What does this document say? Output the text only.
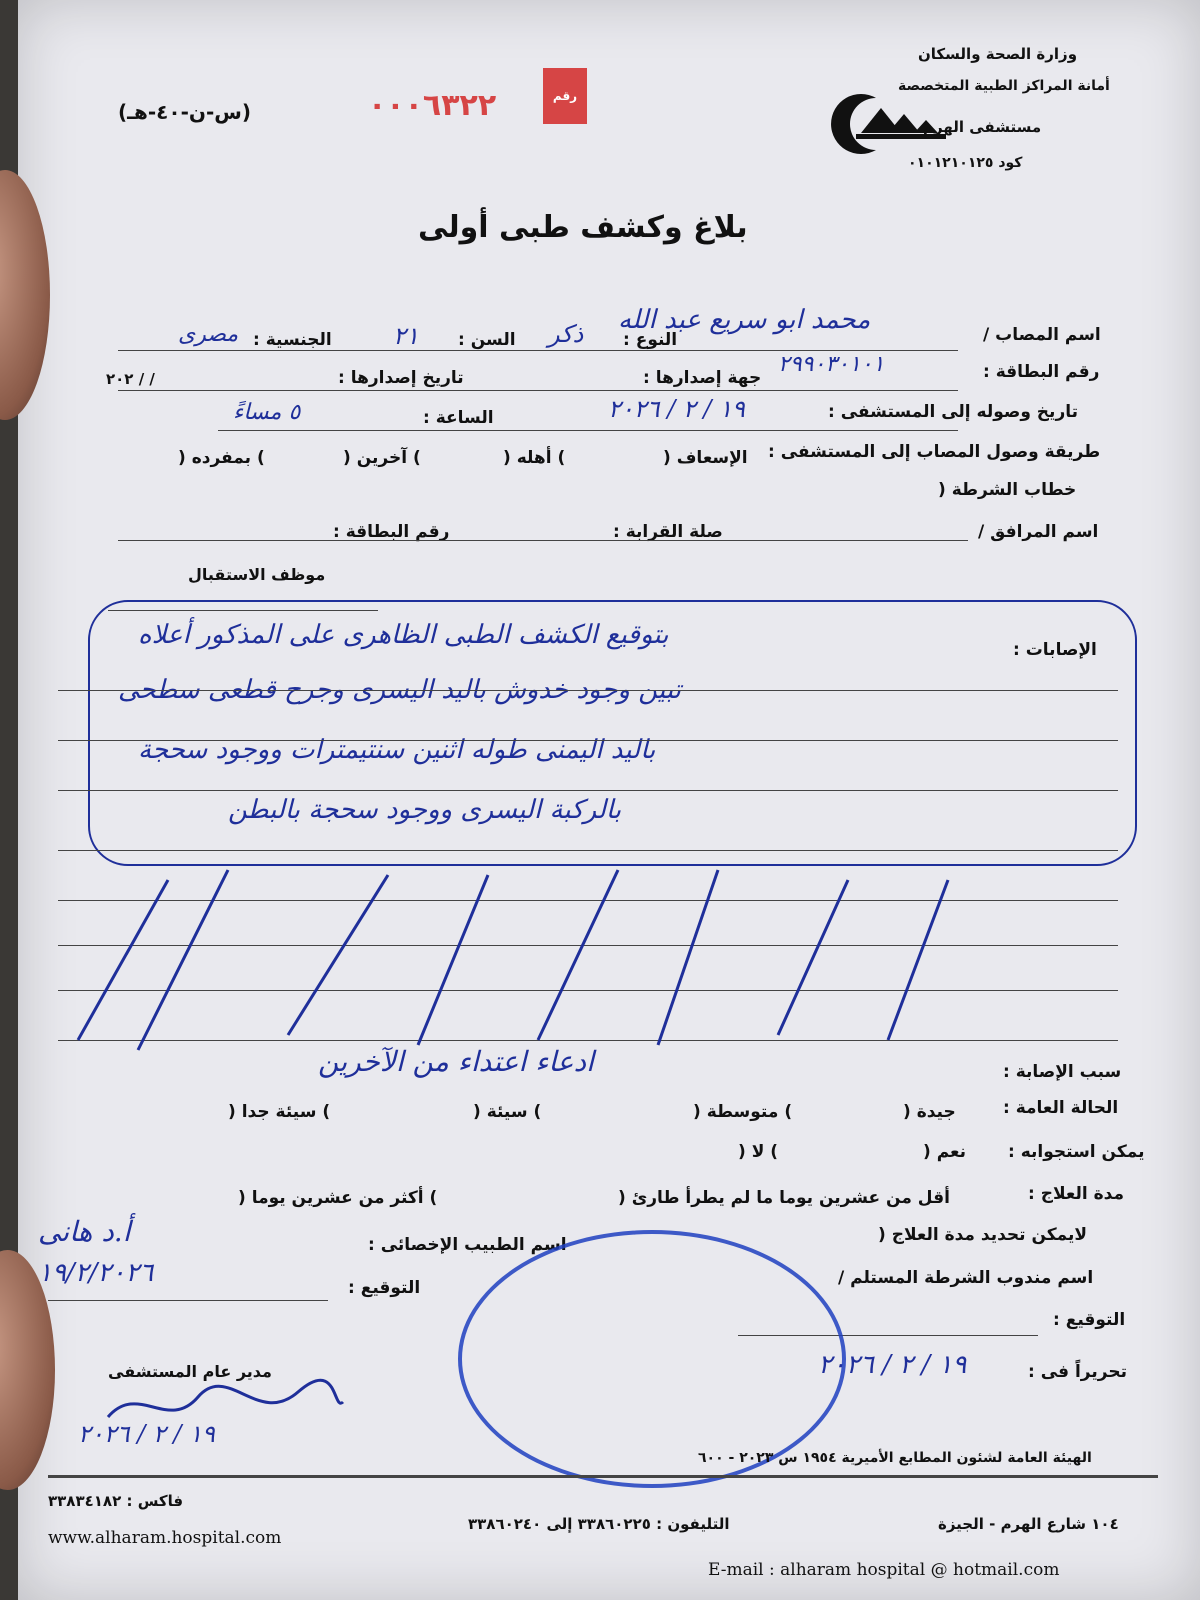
وزارة الصحة والسكان
أمانة المراكز الطبية المتخصصة
مستشفى الهرم
كود ٠١٠١٢١٠١٢٥
(س-ن-٤٠-هـ)	٠٠٠٦٣٢٢	رقم
بلاغ وكشف طبى أولى
اسم المصاب /
محمد ابو سريع عبد الله
النوع :
ذكر
السن :
٢١
الجنسية :
مصرى
رقم البطاقة :
٢٩٩٠٣٠١٠١
جهة إصدارها :
تاريخ إصدارها :
/ / ٢٠٢
تاريخ وصوله إلى المستشفى :
١٩ / ٢ / ٢٠٢٦
الساعة :
٥ مساءً
طريقة وصول المصاب إلى المستشفى :
الإسعاف (
) أهله (
) آخرين (
) بمفرده (
خطاب الشرطة (
اسم المرافق /
صلة القرابة :
رقم البطاقة :
موظف الاستقبال
الإصابات :
بتوقيع الكشف الطبى الظاهرى على المذكور أعلاه
تبين وجود خدوش باليد اليسرى وجرح قطعى سطحى
باليد اليمنى طوله اثنين سنتيمترات ووجود سحجة
بالركبة اليسرى ووجود سحجة بالبطن
سبب الإصابة :
ادعاء اعتداء من الآخرين
الحالة العامة :
جيدة (
) متوسطة (
) سيئة (
) سيئة جدا (
يمكن استجوابه :
نعم (
) لا (
مدة العلاج :
أقل من عشرين يوما ما لم يطرأ طارئ (
) أكثر من عشرين يوما (
لايمكن تحديد مدة العلاج (
اسم الطبيب الإخصائى :
أ.د هانى
اسم مندوب الشرطة المستلم /
التوقيع :
١٩/٢/٢٠٢٦
التوقيع :
تحريراً فى :
١٩ / ٢ / ٢٠٢٦
مدير عام المستشفى
١٩ / ٢ / ٢٠٢٦
الهيئة العامة لشئون المطابع الأميرية ١٩٥٤ س ٢٠٢٣ - ٦٠٠
فاكس : ٣٣٨٣٤١٨٢
www.alharam.hospital.com
التليفون : ٣٣٨٦٠٢٢٥ إلى ٣٣٨٦٠٢٤٠	١٠٤ شارع الهرم - الجيزة
E-mail : alharam hospital @ hotmail.com
